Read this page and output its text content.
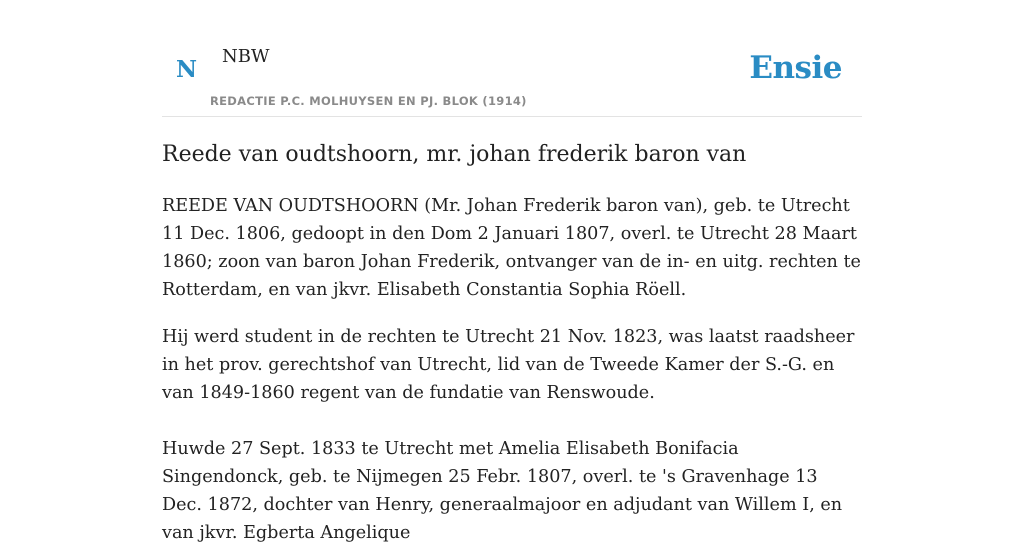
N NBW
REDACTIE P.C. MOLHUYSEN EN PJ. BLOK (1914)
Ensie
Reede van oudtshoorn, mr. johan frederik baron van

REEDE VAN OUDTSHOORN (Mr. Johan Frederik baron van), geb. te Utrecht 11 Dec. 1806, gedoopt in den Dom 2 Januari 1807, overl. te Utrecht 28 Maart 1860; zoon van baron Johan Frederik, ontvanger van de in- en uitg. rechten te Rotterdam, en van jkvr. Elisabeth Constantia Sophia Röell.

Hij werd student in de rechten te Utrecht 21 Nov. 1823, was laatst raadsheer in het prov. gerechtshof van Utrecht, lid van de Tweede Kamer der S.-G. en van 1849-1860 regent van de fundatie van Renswoude.

Huwde 27 Sept. 1833 te Utrecht met Amelia Elisabeth Bonifacia Singendonck, geb. te Nijmegen 25 Febr. 1807, overl. te 's Gravenhage 13 Dec. 1872, dochter van Henry, generaalmajoor en adjudant van Willem I, en van jkvr. Egberta Angelique
